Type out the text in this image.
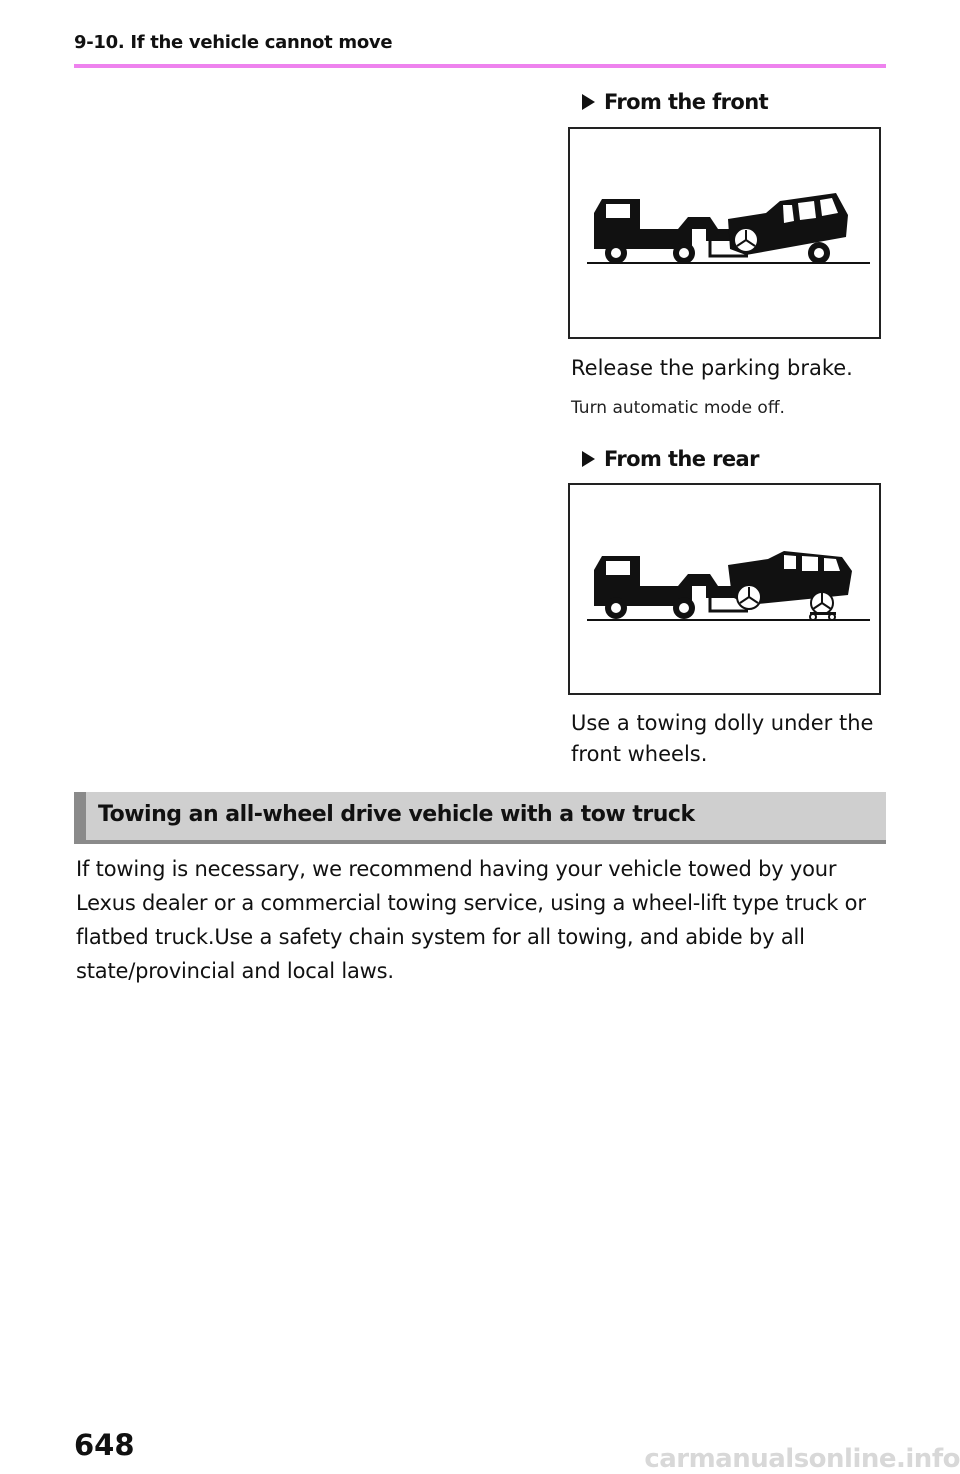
9-10. If the vehicle cannot move
From the front
Release the parking brake.
Turn automatic mode off.
From the rear
Use a towing dolly under the
front wheels.
Towing an all-wheel drive vehicle with a tow truck
If towing is necessary, we recommend having your vehicle towed by your Lexus dealer or a commercial towing service, using a wheel-lift type truck or flatbed truck.Use a safety chain system for all towing, and abide by all state/provincial and local laws.
648	carmanualsonline.info
